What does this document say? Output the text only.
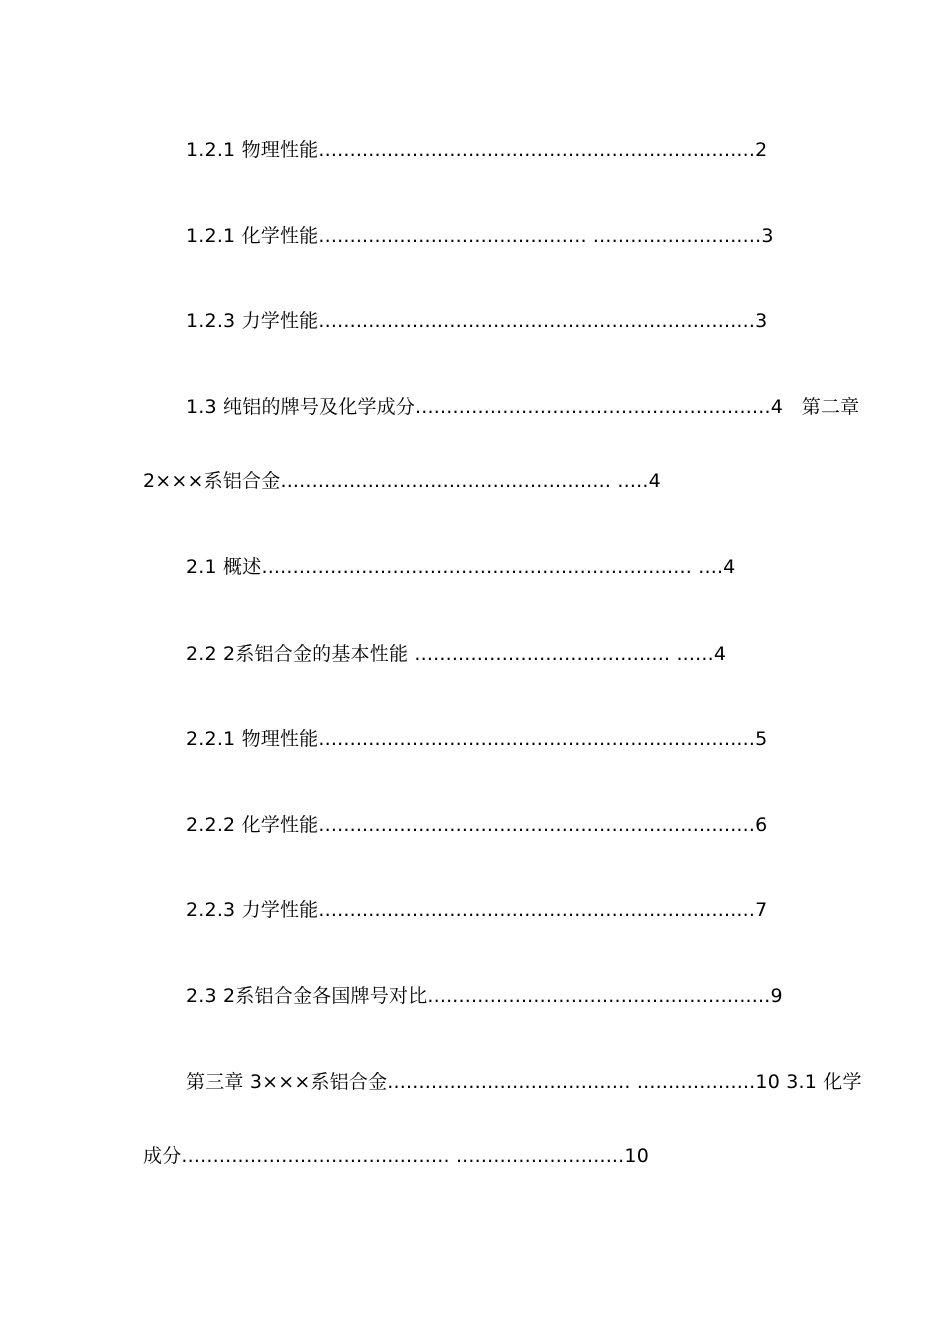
1.2.1 物理性能......................................................................2
1.2.1 化学性能........................................... ...........................3
1.2.3 力学性能......................................................................3
1.3 纯铝的牌号及化学成分.........................................................4   第二章
2×××系铝合金..................................................... .....4
2.1 概述..................................................................... ....4
2.2 2系铝合金的基本性能 ......................................... ......4
2.2.1 物理性能......................................................................5
2.2.2 化学性能......................................................................6
2.2.3 力学性能......................................................................7
2.3 2系铝合金各国牌号对比.......................................................9
第三章 3×××系铝合金....................................... ...................10 3.1 化学
成分........................................... ...........................10
